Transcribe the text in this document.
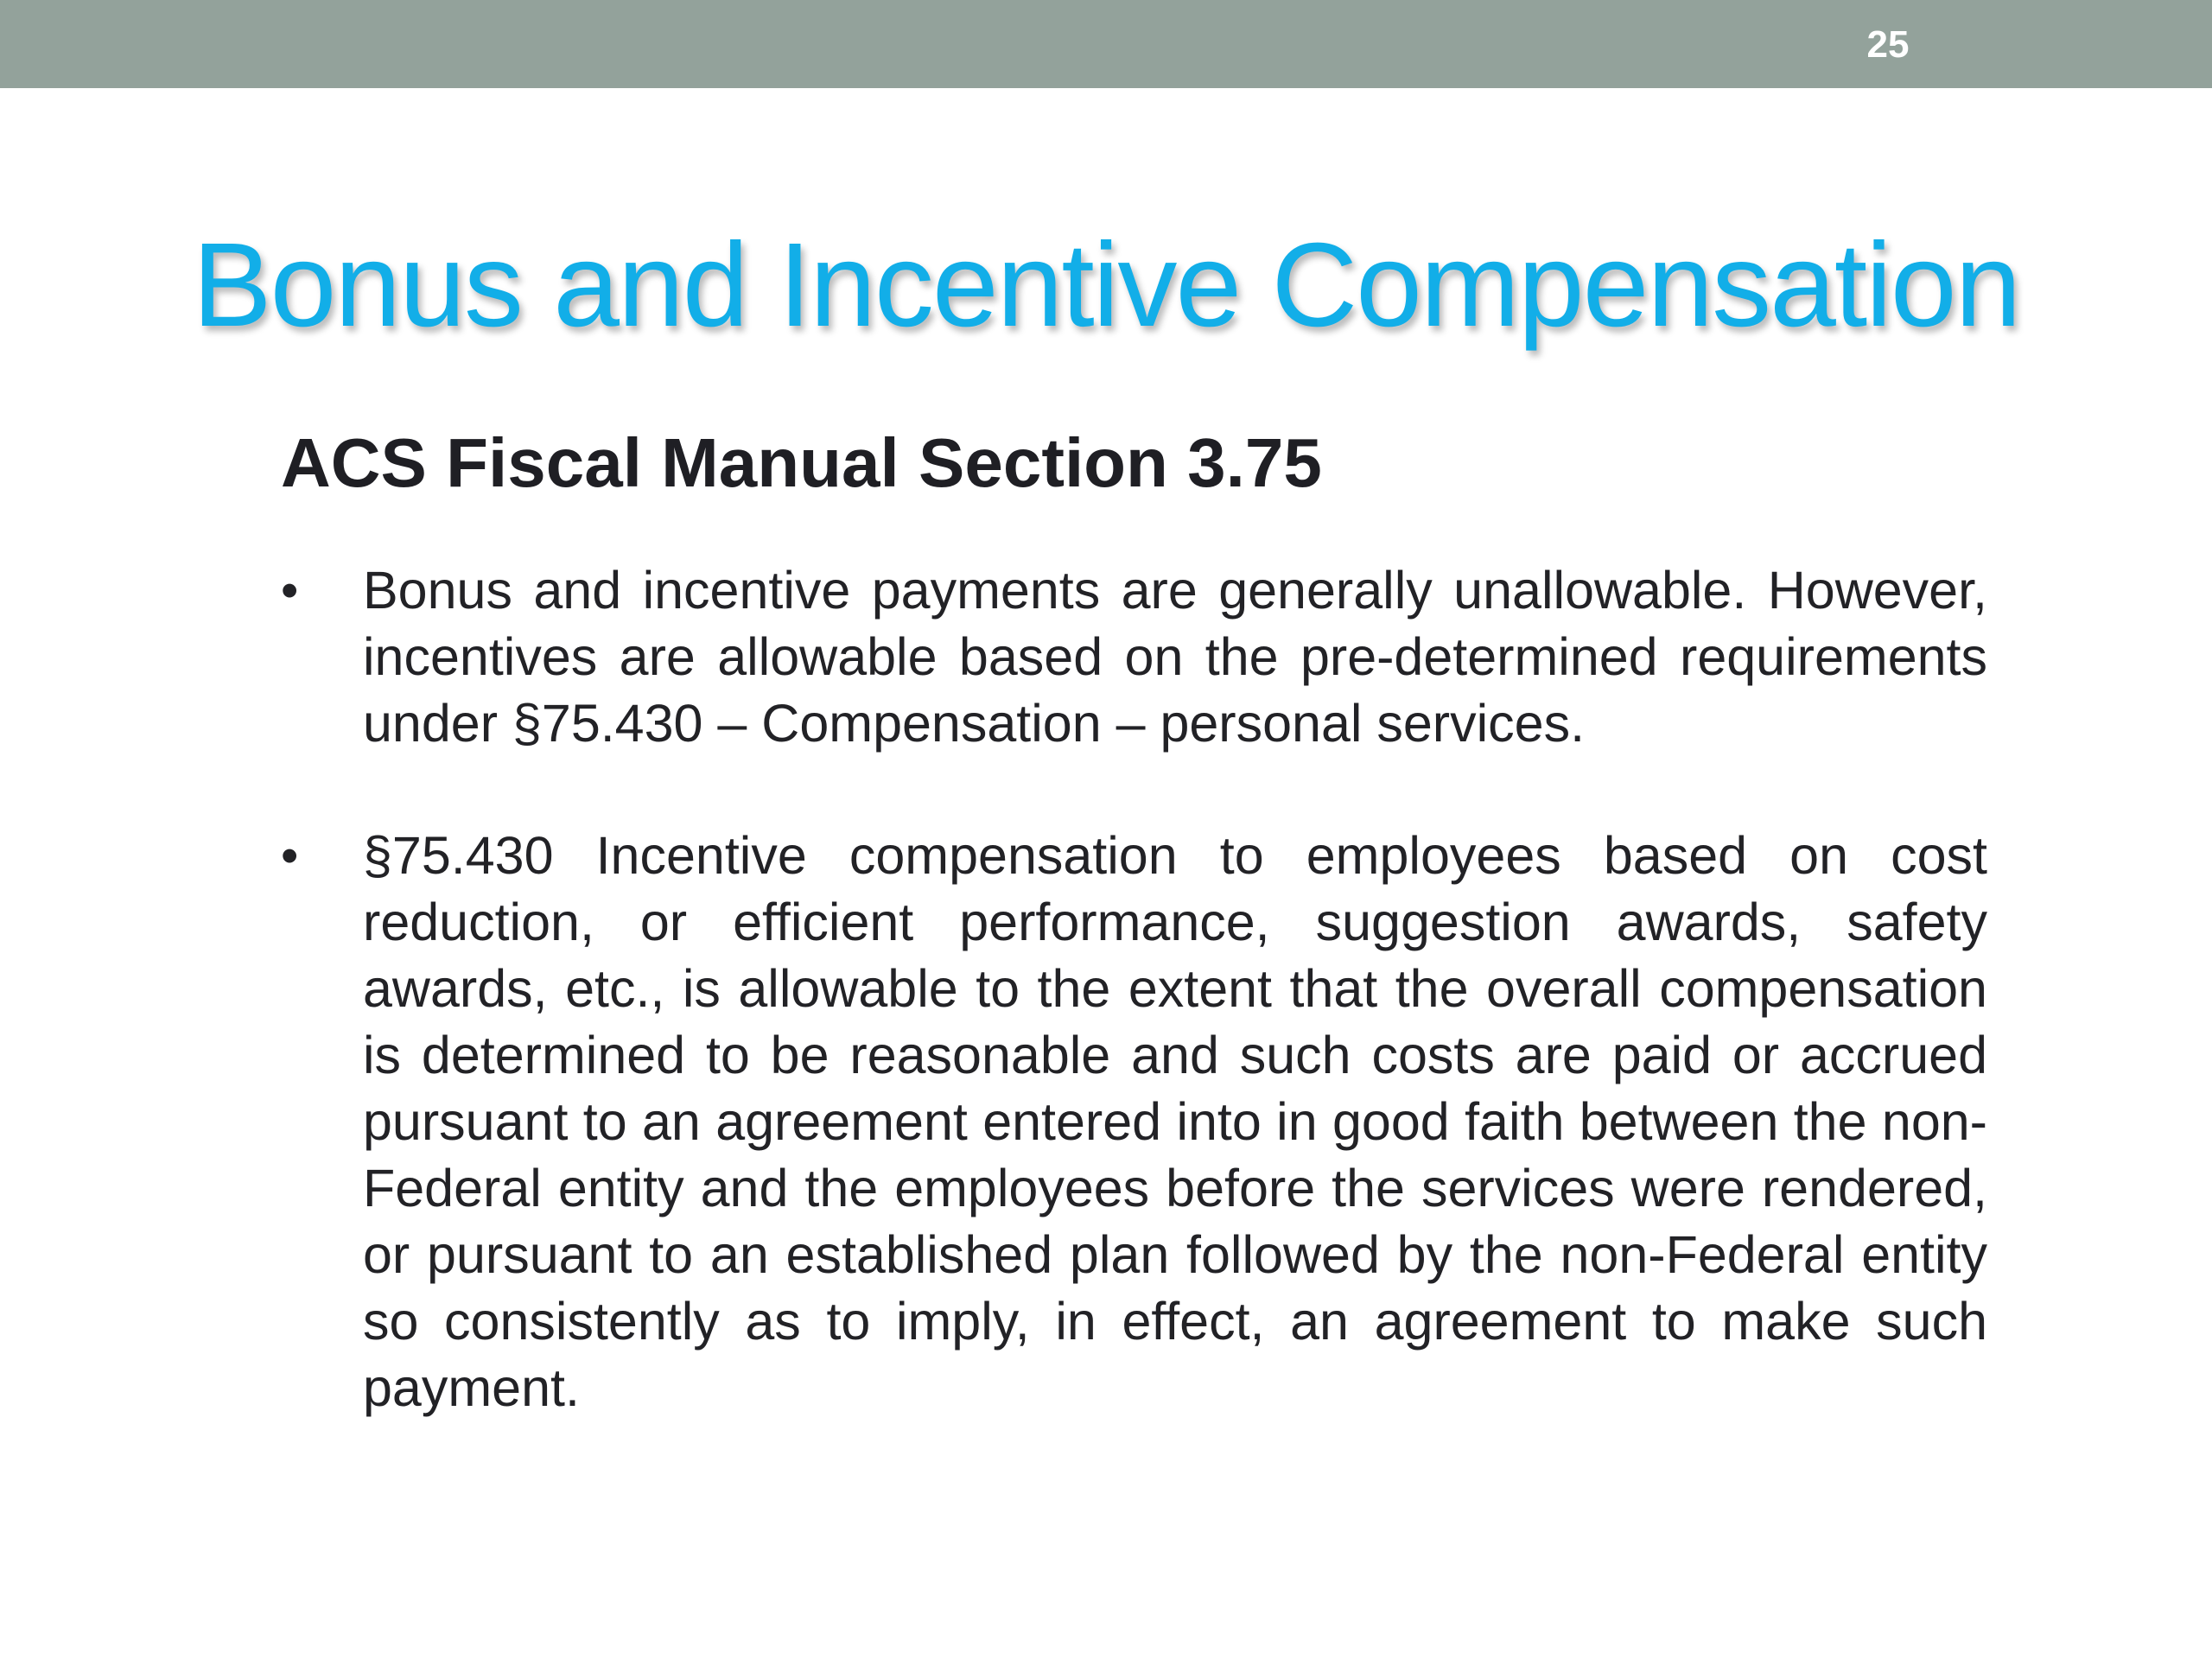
25
Bonus and Incentive Compensation
ACS Fiscal Manual Section 3.75
• Bonus and incentive payments are generally unallowable. However, incentives are allowable based on the pre-determined requirements under §75.430 – Compensation – personal services.
• §75.430 Incentive compensation to employees based on cost reduction, or efficient performance, suggestion awards, safety awards, etc., is allowable to the extent that the overall compensation is determined to be reasonable and such costs are paid or accrued pursuant to an agreement entered into in good faith between the non-Federal entity and the employees before the services were rendered, or pursuant to an established plan followed by the non-Federal entity so consistently as to imply, in effect, an agreement to make such payment.
